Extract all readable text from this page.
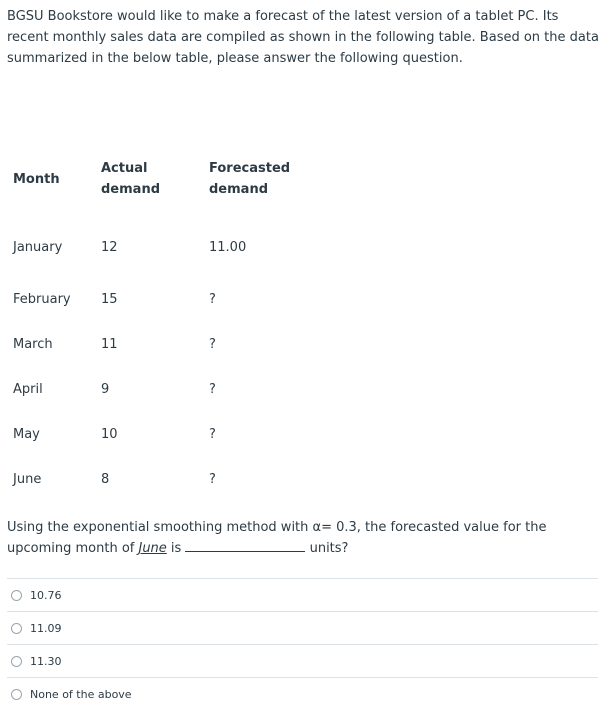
BGSU Bookstore would like to make a forecast of the latest version of a tablet PC. Its recent monthly sales data are compiled as shown in the following table. Based on the data summarized in the below table, please answer the following question.

Month	Actual demand	Forecasted demand
January	12	11.00
February	15	?
March	11	?
April	9	?
May	10	?
June	8	?

Using the exponential smoothing method with α= 0.3, the forecasted value for the upcoming month of June is	units?

10.76
11.09
11.30
None of the above
